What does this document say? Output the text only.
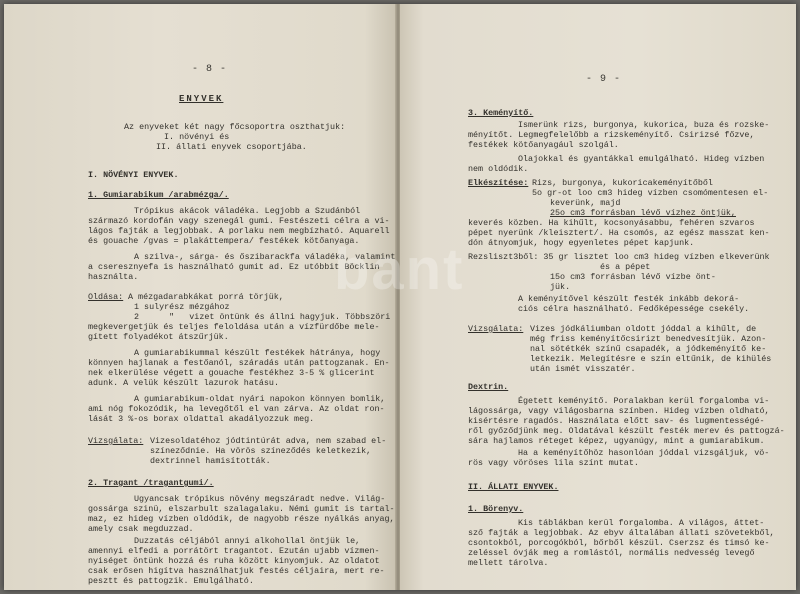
- 8 -
ENYVEK
Az enyveket két nagy főcsoportra oszthatjuk:
I. növényi és
II. állati enyvek csoportjába.
I. NÖVÉNYI ENYVEK.
1. Gumiarabikum /arabmézga/.
Trópikus akácok váladéka. Legjobb a Szudánból
származó kordofán vagy szenegál gumi. Festészeti célra a vi-
lágos fajták a legjobbak. A porlaku nem megbízható. Aquarell
és gouache /gvas = plakáttempera/ festékek kötőanyaga.
A szilva-, sárga- és őszibarackfa váladéka, valamint
a cseresznyefa is használható gumit ad. Ez utóbbit Böcklin
használta.
Oldása: A mézgadarabkákat porrá törjük,
1 sulyrész mézgához
2      "   vizet öntünk és állni hagyjuk. Többszöri
megkevergetjük és teljes feloldása után a vízfürdőbe mele-
gített folyadékot átszűrjük.
A gumiarabikummal készült festékek hátránya, hogy
könnyen hajlanak a festőanól, száradás után pattogzanak. En-
nek elkerülése végett a gouache festékhez 3-5 % glicerint
adunk. A velük készült lazurok hatásu.
A gumiarabikum-oldat nyári napokon könnyen bomlik,
ami nóg fokozódik, ha levegőtől el van zárva. Az oldat ron-
lását 3 %-os borax oldattal akadályozzuk meg.
Vizsgálata: Vizesoldatéhoz jódtintúrát adva, nem szabad el-
színeződnie. Ha vörös színeződés keletkezik,
dextrinnel hamisították.
2. Tragant /tragantgumi/.
Ugyancsak trópikus növény megszáradt nedve. Világ-
gossárga szinü, elszarbult szalagalaku. Némi gumit is tartal-
maz, ez hideg vízben oldódik, de nagyobb része nyálkás anyag,
amely csak megduzzad.
Duzzatás céljából annyi alkohollal öntjük le,
amennyi elfedi a porrátört tragantot. Ezután ujabb vízmen-
nyiséget öntünk hozzá és ruha között kinyomjuk. Az oldatot
csak erősen higítva használhatjuk festés céljaira, mert re-
pesztt és pattogzik. Emulgálható.
- 9 -
3. Keményítő.
Ismerünk rizs, burgonya, kukorica, buza és rozske-
ményítőt. Legmegfelelőbb a rizskeményítő. Csirizsé főzve,
festékek kötőanyagául szolgál.
Olajokkal és gyantákkal emulgálható. Hideg vízben
nem oldódik.
Elkészítése: Rizs, burgonya, kukoricakeményítőből
5o gr-ot loo cm3 hideg vízben csomómentesen el-
keverünk, majd
25o cm3 forrásban lévő vízhez öntjük,
keverés közben. Ha kihűlt, kocsonyásabbu, fehéren szvaros
pépet nyerünk /kleisztert/. Ha csomós, az egész masszat ken-
dón átnyomjuk, hogy egyenletes pépet kapjunk.
Rezsliszt3ből: 35 gr lisztet loo cm3 hideg vízben elkeverünk
és a pépet
15o cm3 forrásban lévő vízbe önt-
jük.
A keményítővel készült festék inkább dekorá-
ciós célra használható. Fedőképessége csekély.
Vizsgálata: Vizes jódkáliumban oldott jóddal a kihűlt, de
még friss keményítőcsirizt benedvesítjük. Azon-
nal sötétkék színű csapadék, a jódkeményítő ke-
letkezik. Melegítésre e szín eltűnik, de kihülés
után ismét visszatér.
Dextrin.
Égetett keményítő. Poralakban kerül forgalomba vi-
lágossárga, vagy világosbarna színben. Hideg vízben oldható,
kisértésre ragadós. Használata előtt sav- és lugmentességé-
ről győződjünk meg. Oldatával készült festék merev és pattogzá-
sára hajlamos réteget képez, ugyanúgy, mint a gumiarabikum.
Ha a keményítőhöz hasonlóan jóddal vizsgáljuk, vö-
rös vagy vöröses lila színt mutat.
II. ÁLLATI ENYVEK.
1. Börenyv.
Kis táblákban kerül forgalomba. A világos, áttet-
sző fajták a legjobbak. Az ebyv általában állati szövetekből,
csontokból, porcogókból, bőrből készül. Cserzsz és timsó ke-
zeléssel óvják meg a romlástól, normális nedvesség levegő
mellett tárolva.
bant
